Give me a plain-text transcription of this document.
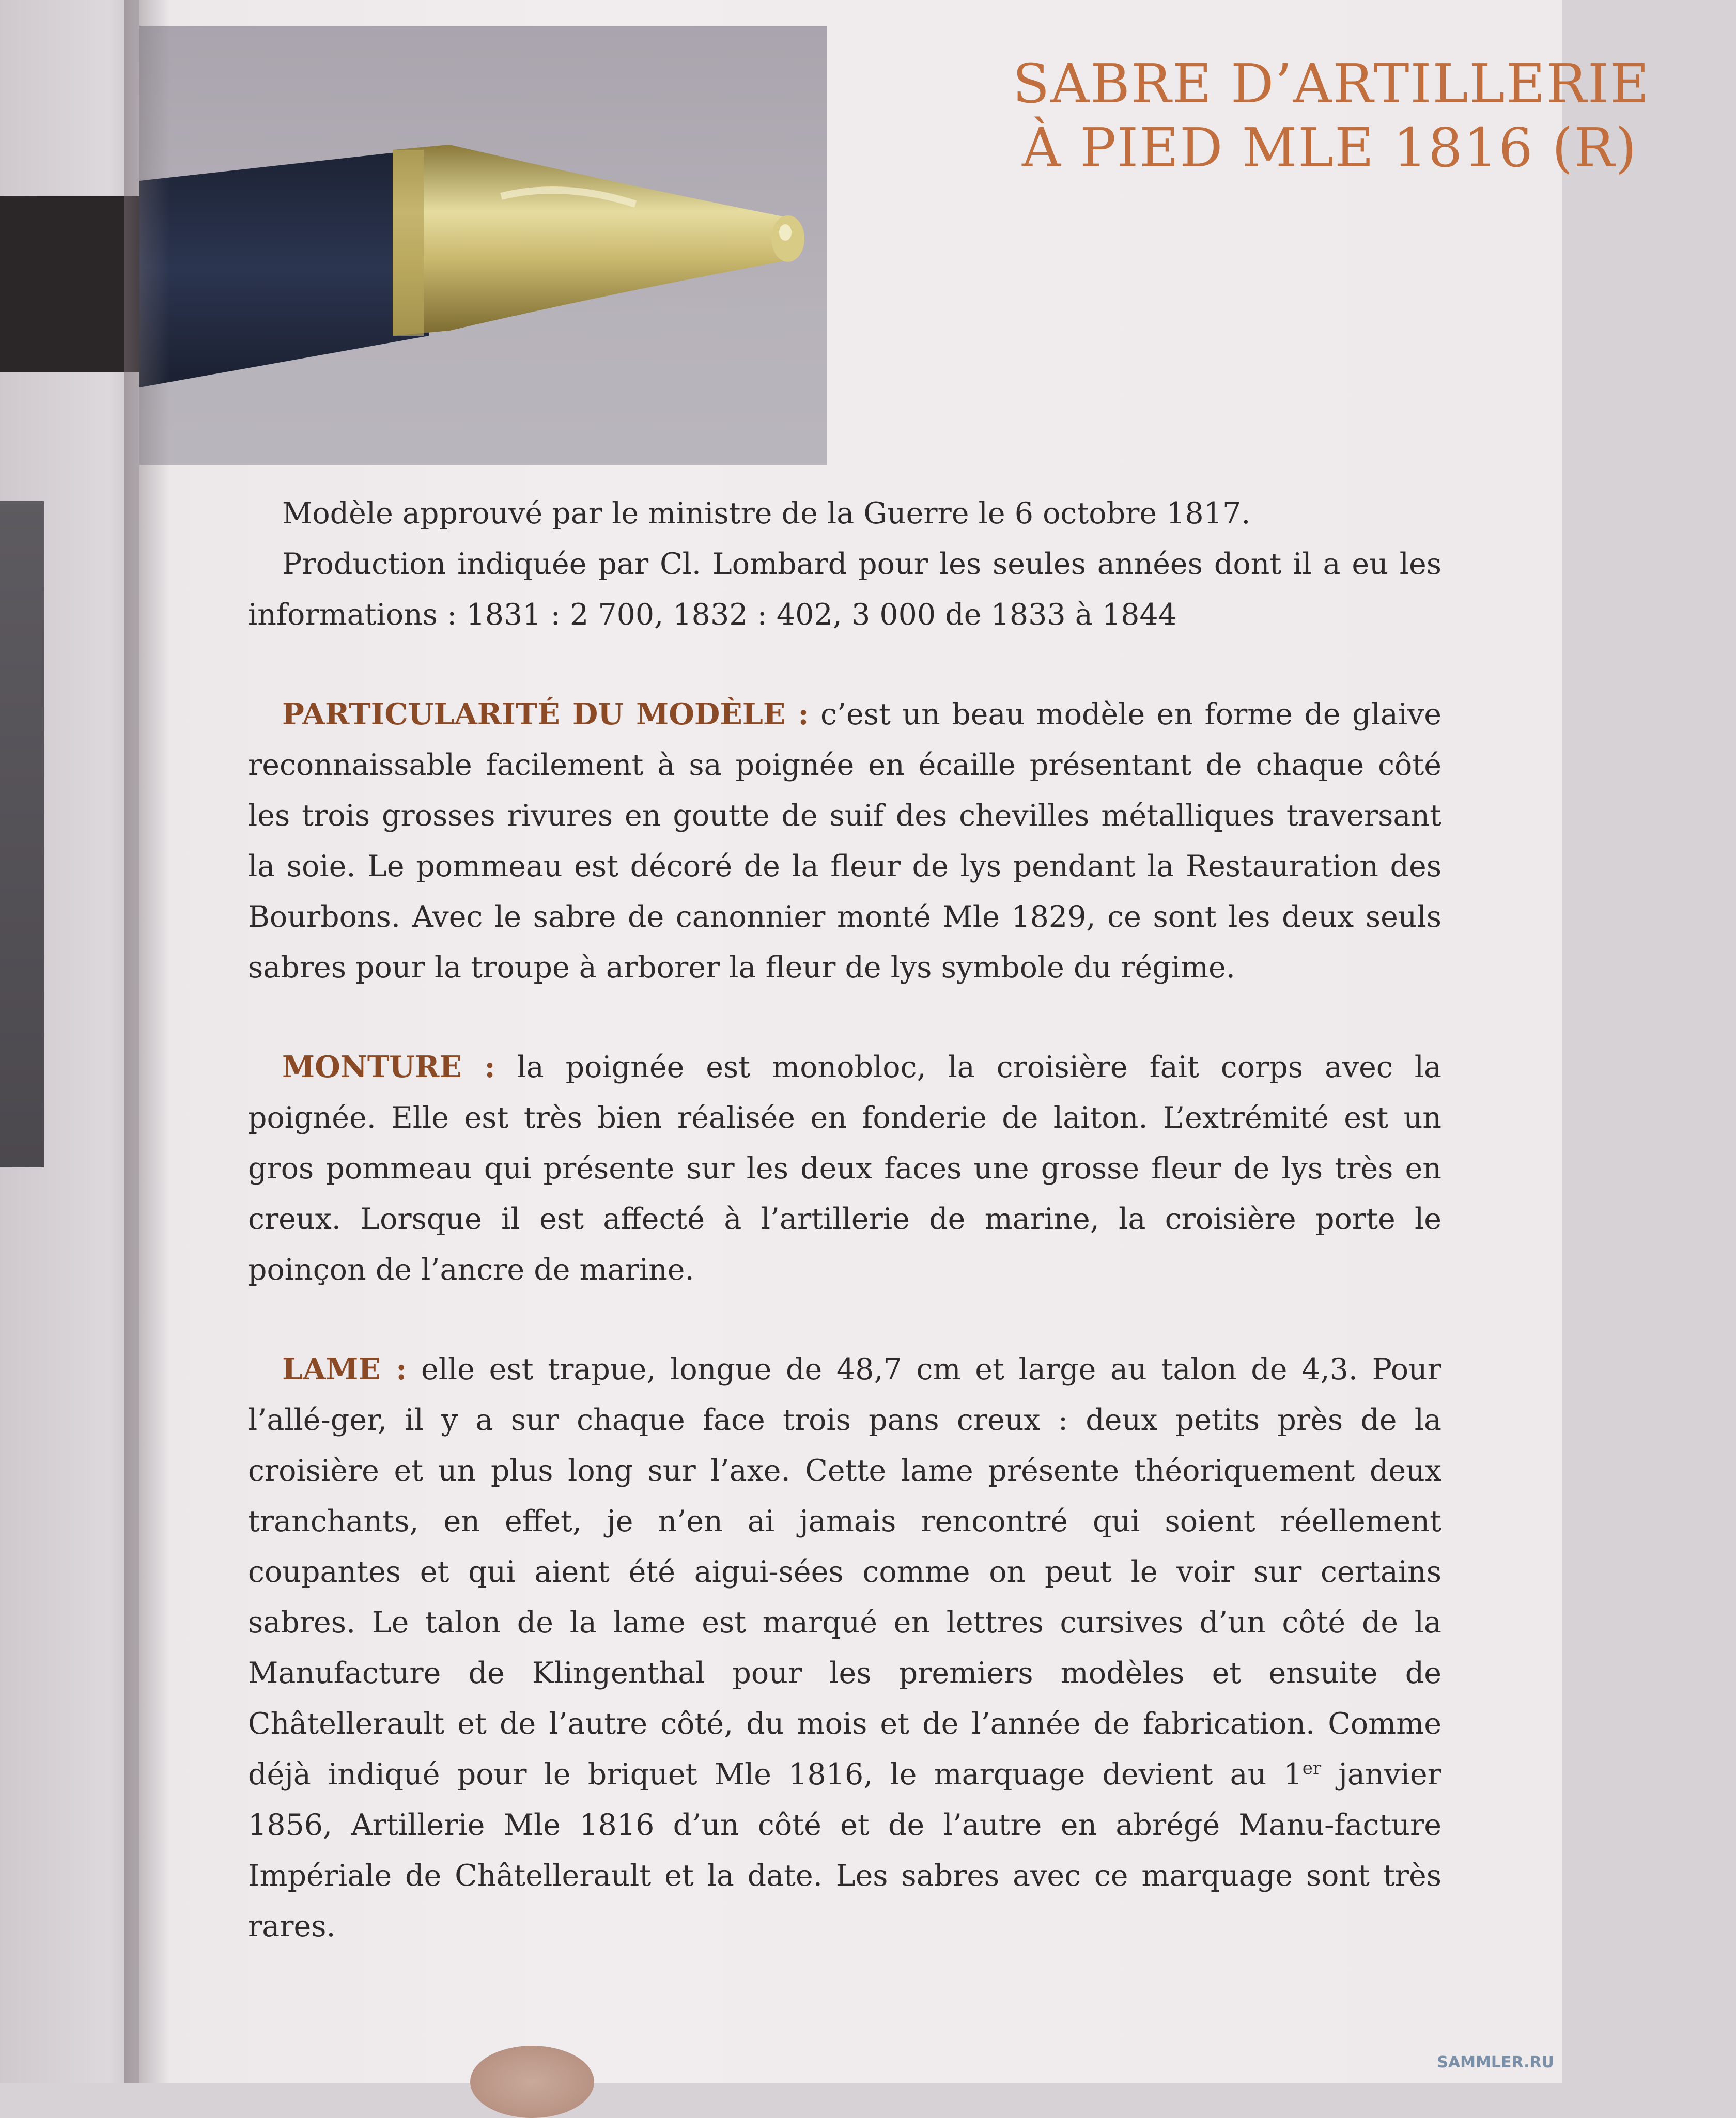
SABRE D’ARTILLERIE
À PIED MLE 1816 (R)
SAMMLER.RU

Modèle approuvé par le ministre de la Guerre le 6 octobre 1817.

Production indiquée par Cl. Lombard pour les seules années dont il a eu les informations : 1831 : 2 700, 1832 : 402, 3 000 de 1833 à 1844

PARTICULARITÉ DU MODÈLE : c’est un beau modèle en forme de glaive reconnaissable facilement à sa poignée en écaille présentant de chaque côté les trois grosses rivures en goutte de suif des chevilles métalliques traversant la soie. Le pommeau est décoré de la fleur de lys pendant la Restauration des Bourbons. Avec le sabre de canonnier monté Mle 1829, ce sont les deux seuls sabres pour la troupe à arborer la fleur de lys symbole du régime.

MONTURE : la poignée est monobloc, la croisière fait corps avec la poignée. Elle est très bien réalisée en fonderie de laiton. L’extrémité est un gros pommeau qui présente sur les deux faces une grosse fleur de lys très en creux. Lorsque il est affecté à l’artillerie de marine, la croisière porte le poinçon de l’ancre de marine.

LAME : elle est trapue, longue de 48,7 cm et large au talon de 4,3. Pour l’allé-ger, il y a sur chaque face trois pans creux : deux petits près de la croisière et un plus long sur l’axe. Cette lame présente théoriquement deux tranchants, en effet, je n’en ai jamais rencontré qui soient réellement coupantes et qui aient été aigui-sées comme on peut le voir sur certains sabres. Le talon de la lame est marqué en lettres cursives d’un côté de la Manufacture de Klingenthal pour les premiers modèles et ensuite de Châtellerault et de l’autre côté, du mois et de l’année de fabrication. Comme déjà indiqué pour le briquet Mle 1816, le marquage devient au 1er janvier 1856, Artillerie Mle 1816 d’un côté et de l’autre en abrégé Manu-facture Impériale de Châtellerault et la date. Les sabres avec ce marquage sont très rares.
